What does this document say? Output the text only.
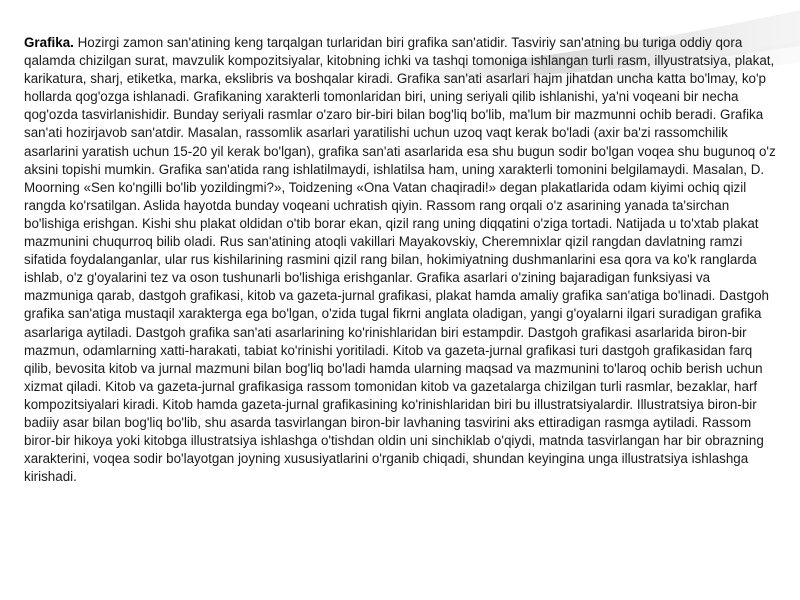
Grafika. Hozirgi zamon san'atining keng tarqalgan turlaridan biri grafika san'atidir. Tasviriy san'atning bu turiga oddiy qora qalamda chizilgan surat, mavzulik kompozitsiyalar, kitobning ichki va tashqi tomoniga ishlangan turli rasm, illyustratsiya, plakat, karikatura, sharj, etiketka, marka, ekslibris va boshqalar kiradi. Grafika san'ati asarlari hajm jihatdan uncha katta bo'lmay, ko'p hollarda qog'ozga ishlanadi. Grafikaning xarakterli tomonlaridan biri, uning seriyali qilib ishlanishi, ya'ni voqeani bir necha qog'ozda tasvirlanishidir. Bunday seriyali rasmlar o'zaro bir-biri bilan bog'liq bo'lib, ma'lum bir mazmunni ochib beradi. Grafika san'ati hozirjavob san'atdir. Masalan, rassomlik asarlari yaratilishi uchun uzoq vaqt kerak bo'ladi (axir ba'zi rassomchilik asarlarini yaratish uchun 15-20 yil kerak bo'lgan), grafika san'ati asarlarida esa shu bugun sodir bo'lgan voqea shu bugunoq o'z aksini topishi mumkin. Grafika san'atida rang ishlatilmaydi, ishlatilsa ham, uning xarakterli tomonini belgilamaydi. Masalan, D. Moorning «Sen ko'ngilli bo'lib yozildingmi?», Toidzening «Ona Vatan chaqiradi!» degan plakatlarida odam kiyimi ochiq qizil rangda ko'rsatilgan. Aslida hayotda bunday voqeani uchratish qiyin. Rassom rang orqali o'z asarining yanada ta'sirchan bo'lishiga erishgan. Kishi shu plakat oldidan o'tib borar ekan, qizil rang uning diqqatini o'ziga tortadi. Natijada u to'xtab plakat mazmunini chuqurroq bilib oladi. Rus san'atining atoqli vakillari Mayakovskiy, Cheremnixlar qizil rangdan davlatning ramzi sifatida foydalanganlar, ular rus kishilarining rasmini qizil rang bilan, hokimiyatning dushmanlarini esa qora va ko'k ranglarda ishlab, o'z g'oyalarini tez va oson tushunarli bo'lishiga erishganlar. Grafika asarlari o'zining bajaradigan funksiyasi va mazmuniga qarab, dastgoh grafikasi, kitob va gazeta-jurnal grafikasi, plakat hamda amaliy grafika san'atiga bo'linadi. Dastgoh grafika san'atiga mustaqil xarakterga ega bo'lgan, o'zida tugal fikrni anglata oladigan, yangi g'oyalarni ilgari suradigan grafika asarlariga aytiladi. Dastgoh grafika san'ati asarlarining ko'rinishlaridan biri estampdir. Dastgoh grafikasi asarlarida biron-bir mazmun, odamlarning xatti-harakati, tabiat ko'rinishi yoritiladi. Kitob va gazeta-jurnal grafikasi turi dastgoh grafikasidan farq qilib, bevosita kitob va jurnal mazmuni bilan bog'liq bo'ladi hamda ularning maqsad va mazmunini to'laroq ochib berish uchun xizmat qiladi. Kitob va gazeta-jurnal grafikasiga rassom tomonidan kitob va gazetalarga chizilgan turli rasmlar, bezaklar, harf kompozitsiyalari kiradi. Kitob hamda gazeta-jurnal grafikasining ko'rinishlaridan biri bu illustratsiyalardir. Illustratsiya biron-bir badiiy asar bilan bog'liq bo'lib, shu asarda tasvirlangan biron-bir lavhaning tasvirini aks ettiradigan rasmga aytiladi. Rassom biror-bir hikoya yoki kitobga illustratsiya ishlashga o'tishdan oldin uni sinchiklab o'qiydi, matnda tasvirlangan har bir obrazning xarakterini, voqea sodir bo'layotgan joyning xususiyatlarini o'rganib chiqadi, shundan keyingina unga illustratsiya ishlashga kirishadi.
